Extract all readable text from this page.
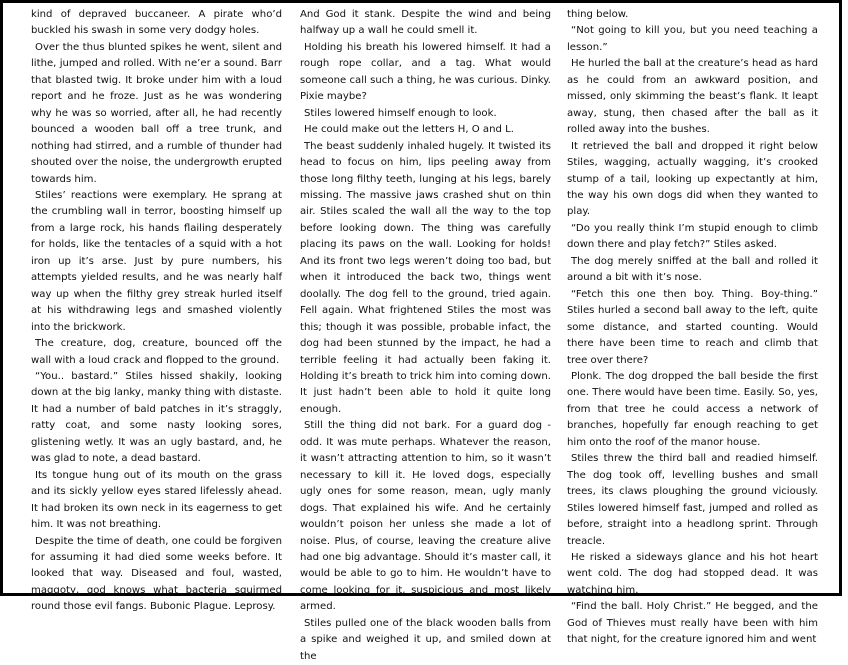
kind of depraved buccaneer. A pirate who’d buckled his swash in some very dodgy holes.

Over the thus blunted spikes he went, silent and lithe, jumped and rolled. With ne’er a sound. Barr that blasted twig. It broke under him with a loud report and he froze. Just as he was wondering why he was so worried, after all, he had recently bounced a wooden ball off a tree trunk, and nothing had stirred, and a rumble of thunder had shouted over the noise, the undergrowth erupted towards him.

Stiles’ reactions were exemplary. He sprang at the crumbling wall in terror, boosting himself up from a large rock, his hands flailing desperately for holds, like the tentacles of a squid with a hot iron up it’s arse. Just by pure numbers, his attempts yielded results, and he was nearly half way up when the filthy grey streak hurled itself at his withdrawing legs and smashed violently into the brickwork.

The creature, dog, creature, bounced off the wall with a loud crack and flopped to the ground.

“You.. bastard.” Stiles hissed shakily, looking down at the big lanky, manky thing with distaste. It had a number of bald patches in it’s straggly, ratty coat, and some nasty looking sores, glistening wetly. It was an ugly bastard, and, he was glad to note, a dead bastard.

Its tongue hung out of its mouth on the grass and its sickly yellow eyes stared lifelessly ahead. It had broken its own neck in its eagerness to get him. It was not breathing.

Despite the time of death, one could be forgiven for assuming it had died some weeks before. It looked that way. Diseased and foul, wasted, maggoty, god knows what bacteria squirmed round those evil fangs. Bubonic Plague. Leprosy.

And God it stank. Despite the wind and being halfway up a wall he could smell it.

Holding his breath his lowered himself. It had a rough rope collar, and a tag. What would someone call such a thing, he was curious. Dinky. Pixie maybe?

Stiles lowered himself enough to look.

He could make out the letters H, O and L.

The beast suddenly inhaled hugely. It twisted its head to focus on him, lips peeling away from those long filthy teeth, lunging at his legs, barely missing. The massive jaws crashed shut on thin air. Stiles scaled the wall all the way to the top before looking down. The thing was carefully placing its paws on the wall. Looking for holds! And its front two legs weren’t doing too bad, but when it introduced the back two, things went doolally. The dog fell to the ground, tried again. Fell again. What frightened Stiles the most was this; though it was possible, probable infact, the dog had been stunned by the impact, he had a terrible feeling it had actually been faking it. Holding it’s breath to trick him into coming down. It just hadn’t been able to hold it quite long enough.

Still the thing did not bark. For a guard dog - odd. It was mute perhaps. Whatever the reason, it wasn’t attracting attention to him, so it wasn’t necessary to kill it. He loved dogs, especially ugly ones for some reason, mean, ugly manly dogs. That explained his wife. And he certainly wouldn’t poison her unless she made a lot of noise. Plus, of course, leaving the creature alive had one big advantage. Should it’s master call, it would be able to go to him. He wouldn’t have to come looking for it, suspicious and most likely armed.

Stiles pulled one of the black wooden balls from a spike and weighed it up, and smiled down at the

thing below.

“Not going to kill you, but you need teaching a lesson.”

He hurled the ball at the creature’s head as hard as he could from an awkward position, and missed, only skimming the beast’s flank. It leapt away, stung, then chased after the ball as it rolled away into the bushes.

It retrieved the ball and dropped it right below Stiles, wagging, actually wagging, it’s crooked stump of a tail, looking up expectantly at him, the way his own dogs did when they wanted to play.

“Do you really think I’m stupid enough to climb down there and play fetch?” Stiles asked.

The dog merely sniffed at the ball and rolled it around a bit with it’s nose.

“Fetch this one then boy. Thing. Boy-thing.” Stiles hurled a second ball away to the left, quite some distance, and started counting. Would there have been time to reach and climb that tree over there?

Plonk. The dog dropped the ball beside the first one. There would have been time. Easily. So, yes, from that tree he could access a network of branches, hopefully far enough reaching to get him onto the roof of the manor house.

Stiles threw the third ball and readied himself. The dog took off, levelling bushes and small trees, its claws ploughing the ground viciously. Stiles lowered himself fast, jumped and rolled as before, straight into a headlong sprint. Through treacle.

He risked a sideways glance and his hot heart went cold. The dog had stopped dead. It was watching him.

“Find the ball. Holy Christ.” He begged, and the God of Thieves must really have been with him that night, for the creature ignored him and went
